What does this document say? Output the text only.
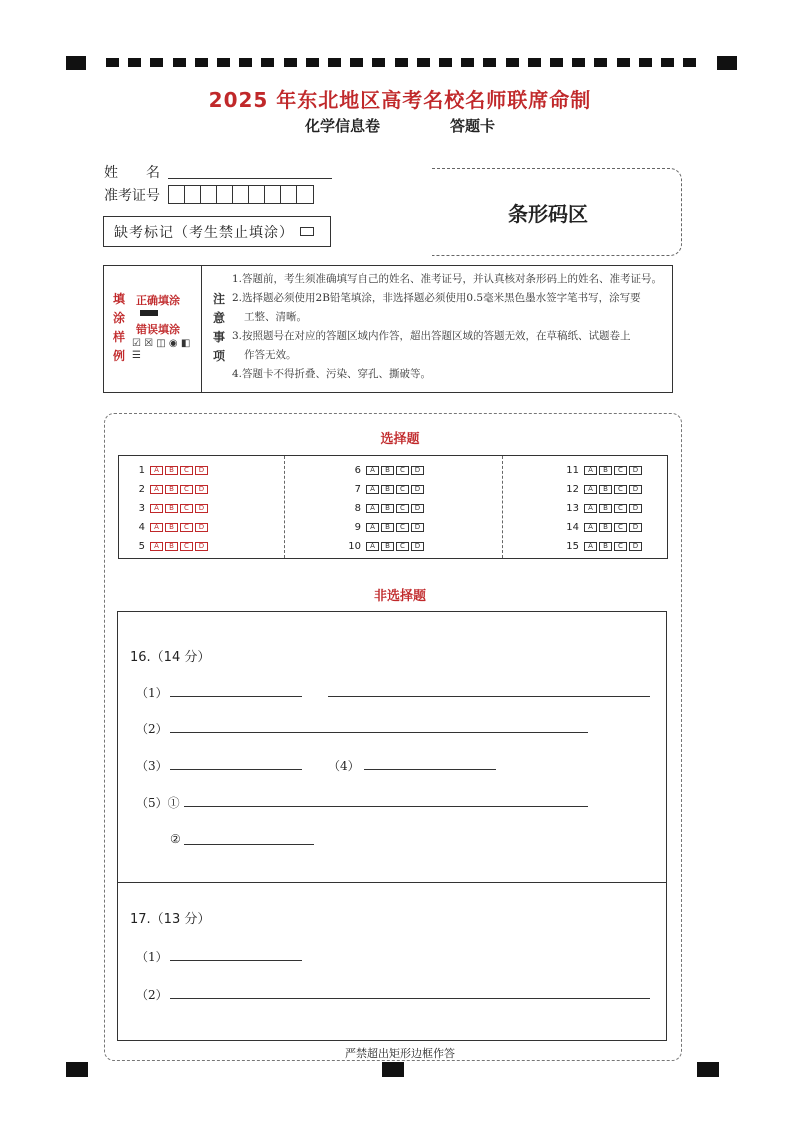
2025 年东北地区高考名校名师联席命制
化学信息卷	答题卡
姓　　名
准考证号
缺考标记（考生禁止填涂）
条形码区
填
涂
样
例
正确填涂
错误填涂
☑ ☒ ◫ ◉ ◧ ☰
注
意
事
项
1.答题前，考生须准确填写自己的姓名、准考证号，并认真核对条形码上的姓名、准考证号。
2.选择题必须使用2B铅笔填涂，非选择题必须使用0.5毫米黑色墨水签字笔书写，涂写要
工整、清晰。
3.按照题号在对应的答题区域内作答，超出答题区域的答题无效，在草稿纸、试题卷上
作答无效。
4.答题卡不得折叠、污染、穿孔、撕破等。
选择题
1	A	B	C	D
2	A	B	C	D
3	A	B	C	D
4	A	B	C	D
5	A	B	C	D
6	A	B	C	D
7	A	B	C	D
8	A	B	C	D
9	A	B	C	D
10	A	B	C	D
11	A	B	C	D
12	A	B	C	D
13	A	B	C	D
14	A	B	C	D
15	A	B	C	D
非选择题
16.（14 分）
（1）
（2）
（3）	（4）
（5）①
②
17.（13 分）
（1）
（2）
严禁超出矩形边框作答
